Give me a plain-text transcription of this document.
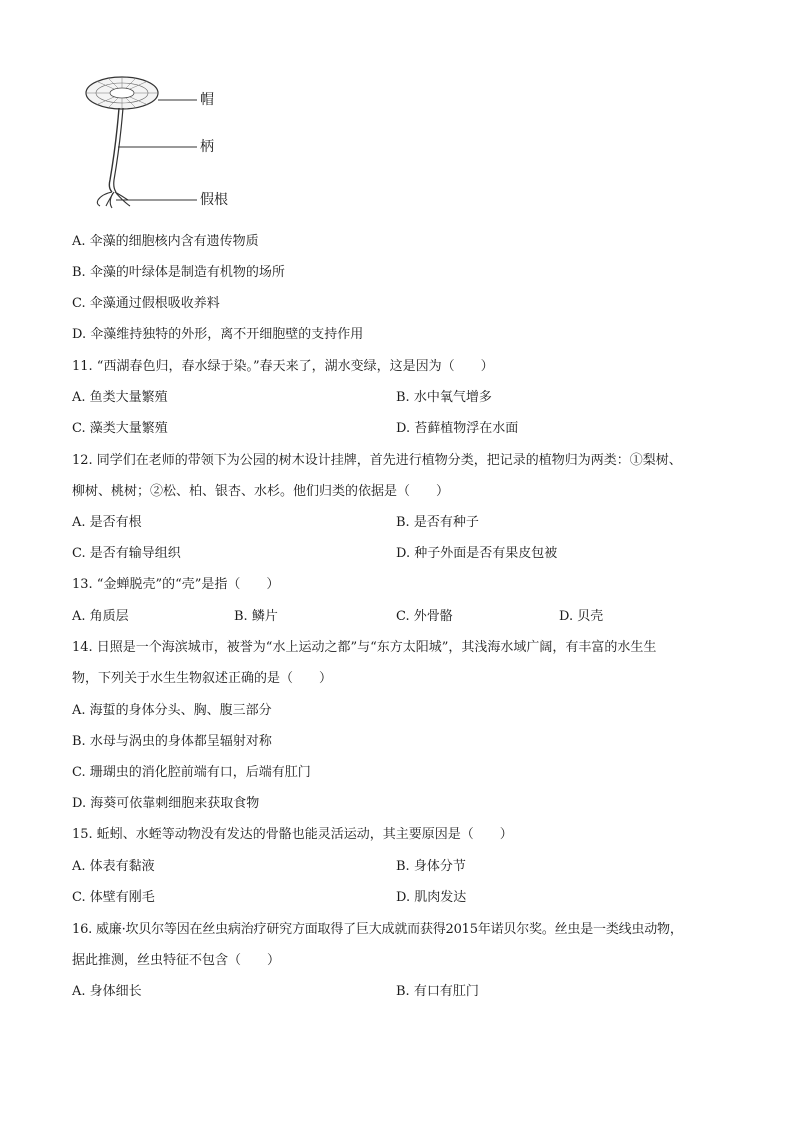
帽
柄
假根
A. 伞藻的细胞核内含有遗传物质
B. 伞藻的叶绿体是制造有机物的场所
C. 伞藻通过假根吸收养料
D. 伞藻维持独特的外形，离不开细胞壁的支持作用
11. “西湖春色归，春水绿于染。”春天来了，湖水变绿，这是因为（　　）
A. 鱼类大量繁殖	B. 水中氧气增多
C. 藻类大量繁殖	D. 苔藓植物浮在水面
12. 同学们在老师的带领下为公园的树木设计挂牌，首先进行植物分类，把记录的植物归为两类：①梨树、
柳树、桃树；②松、柏、银杏、水杉。他们归类的依据是（　　）
A. 是否有根	B. 是否有种子
C. 是否有输导组织	D. 种子外面是否有果皮包被
13. “金蝉脱壳”的“壳”是指（　　）
A. 角质层	B. 鳞片	C. 外骨骼	D. 贝壳
14. 日照是一个海滨城市，被誉为“水上运动之都”与“东方太阳城”，其浅海水域广阔，有丰富的水生生
物，下列关于水生生物叙述正确的是（　　）
A. 海蜇的身体分头、胸、腹三部分
B. 水母与涡虫的身体都呈辐射对称
C. 珊瑚虫的消化腔前端有口，后端有肛门
D. 海葵可依靠刺细胞来获取食物
15. 蚯蚓、水蛭等动物没有发达的骨骼也能灵活运动，其主要原因是（　　）
A. 体表有黏液	B. 身体分节
C. 体壁有刚毛	D. 肌肉发达
16. 威廉·坎贝尔等因在丝虫病治疗研究方面取得了巨大成就而获得2015年诺贝尔奖。丝虫是一类线虫动物，
据此推测，丝虫特征不包含（　　）
A. 身体细长	B. 有口有肛门
